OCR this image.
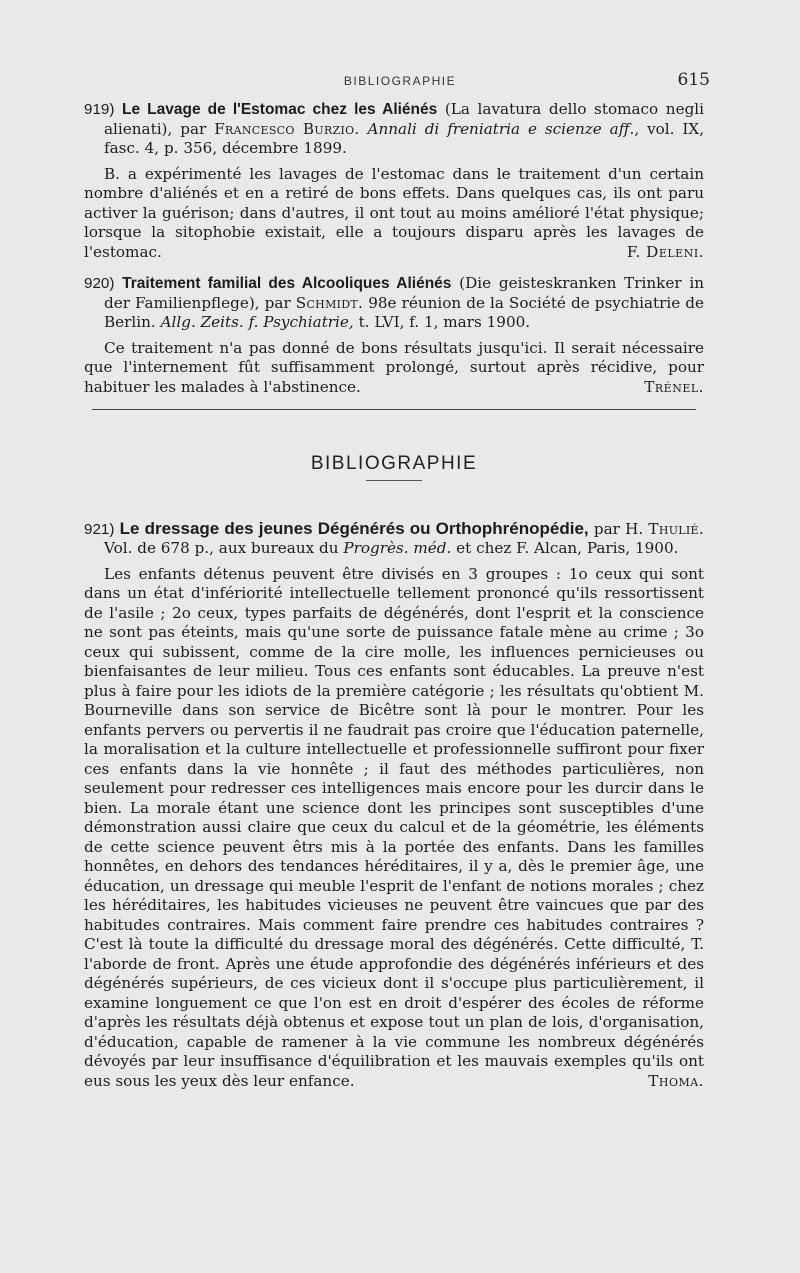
BIBLIOGRAPHIE	615

919) Le Lavage de l'Estomac chez les Aliénés (La lavatura dello stomaco negli alienati), par Francesco Burzio. Annali di freniatria e scienze aff., vol. IX, fasc. 4, p. 356, décembre 1899.

B. a expérimenté les lavages de l'estomac dans le traitement d'un certain nombre d'aliénés et en a retiré de bons effets. Dans quelques cas, ils ont paru activer la guérison; dans d'autres, il ont tout au moins amélioré l'état physique; lorsque la sitophobie existait, elle a toujours disparu après les lavages de l'estomac.	F. Deleni.

920) Traitement familial des Alcooliques Aliénés (Die geisteskranken Trinker in der Familienpflege), par Schmidt. 98e réunion de la Société de psychiatrie de Berlin. Allg. Zeits. f. Psychiatrie, t. LVI, f. 1, mars 1900.

Ce traitement n'a pas donné de bons résultats jusqu'ici. Il serait nécessaire que l'internement fût suffisamment prolongé, surtout après récidive, pour habituer les malades à l'abstinence.	Trénel.

BIBLIOGRAPHIE

921) Le dressage des jeunes Dégénérés ou Orthophrénopédie, par H. Thulié. Vol. de 678 p., aux bureaux du Progrès. méd. et chez F. Alcan, Paris, 1900.

Les enfants détenus peuvent être divisés en 3 groupes : 1o ceux qui sont dans un état d'infériorité intellectuelle tellement prononcé qu'ils ressortissent de l'asile ; 2o ceux, types parfaits de dégénérés, dont l'esprit et la conscience ne sont pas éteints, mais qu'une sorte de puissance fatale mène au crime ; 3o ceux qui subissent, comme de la cire molle, les influences pernicieuses ou bienfaisantes de leur milieu. Tous ces enfants sont éducables. La preuve n'est plus à faire pour les idiots de la première catégorie ; les résultats qu'obtient M. Bourneville dans son service de Bicêtre sont là pour le montrer. Pour les enfants pervers ou pervertis il ne faudrait pas croire que l'éducation paternelle, la moralisation et la culture intellectuelle et professionnelle suffiront pour fixer ces enfants dans la vie honnête ; il faut des méthodes particulières, non seulement pour redresser ces intelligences mais encore pour les durcir dans le bien. La morale étant une science dont les principes sont susceptibles d'une démonstration aussi claire que ceux du calcul et de la géométrie, les éléments de cette science peuvent êtrs mis à la portée des enfants. Dans les familles honnêtes, en dehors des tendances héréditaires, il y a, dès le premier âge, une éducation, un dressage qui meuble l'esprit de l'enfant de notions morales ; chez les héréditaires, les habitudes vicieuses ne peuvent être vaincues que par des habitudes contraires. Mais comment faire prendre ces habitudes contraires ? C'est là toute la difficulté du dressage moral des dégénérés. Cette difficulté, T. l'aborde de front. Après une étude approfondie des dégénérés inférieurs et des dégénérés supérieurs, de ces vicieux dont il s'occupe plus particulièrement, il examine longuement ce que l'on est en droit d'espérer des écoles de réforme d'après les résultats déjà obtenus et expose tout un plan de lois, d'organisation, d'éducation, capable de ramener à la vie commune les nombreux dégénérés dévoyés par leur insuffisance d'équilibration et les mauvais exemples qu'ils ont eus sous les yeux dès leur enfance.	Thoma.
